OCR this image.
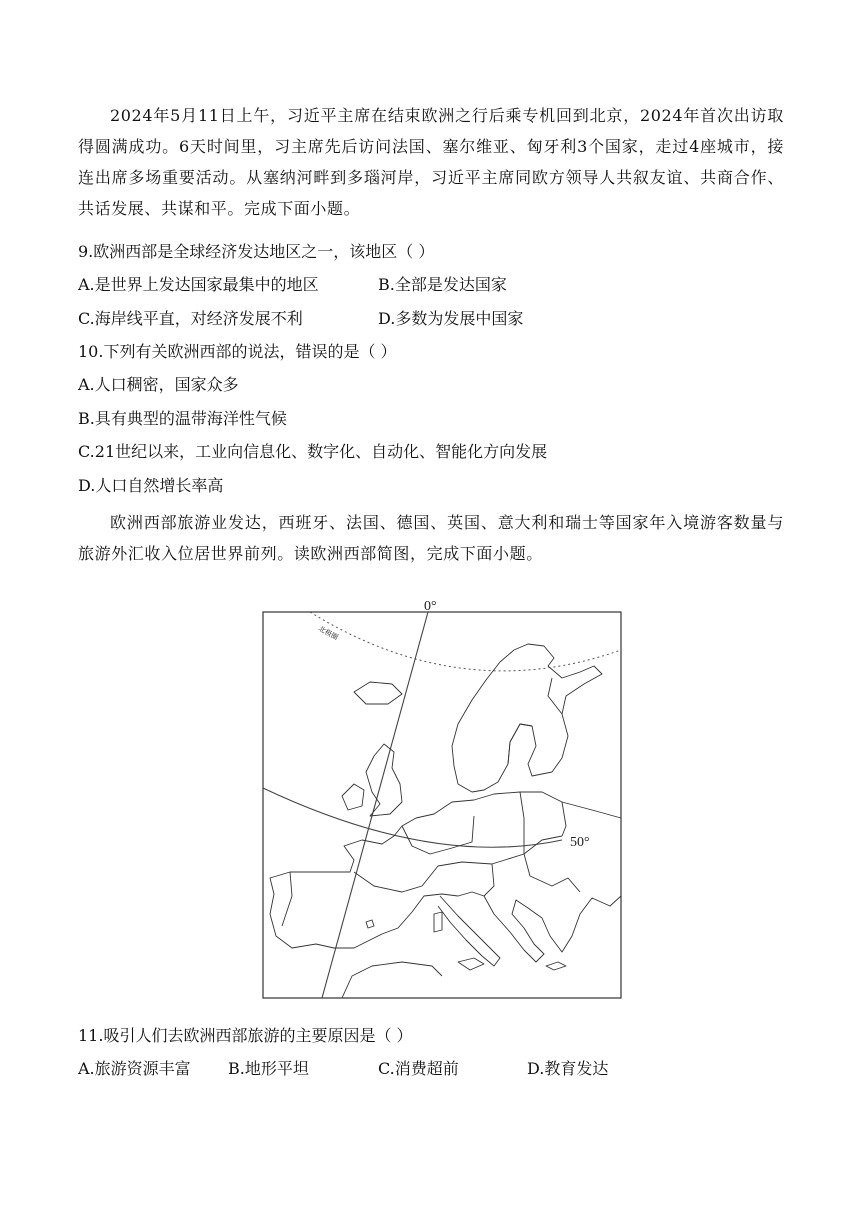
2024年5月11日上午，习近平主席在结束欧洲之行后乘专机回到北京，2024年首次出访取得圆满成功。6天时间里，习主席先后访问法国、塞尔维亚、匈牙利3个国家，走过4座城市，接连出席多场重要活动。从塞纳河畔到多瑙河岸，习近平主席同欧方领导人共叙友谊、共商合作、共话发展、共谋和平。完成下面小题。
9.欧洲西部是全球经济发达地区之一，该地区（ ）
A.是世界上发达国家最集中的地区	B.全部是发达国家
C.海岸线平直，对经济发展不利	D.多数为发展中国家
10.下列有关欧洲西部的说法，错误的是（ ）
A.人口稠密，国家众多
B.具有典型的温带海洋性气候
C.21世纪以来，工业向信息化、数字化、自动化、智能化方向发展
D.人口自然增长率高
欧洲西部旅游业发达，西班牙、法国、德国、英国、意大利和瑞士等国家年入境游客数量与旅游外汇收入位居世界前列。读欧洲西部简图，完成下面小题。
北极圈
0°
50°
11.吸引人们去欧洲西部旅游的主要原因是（ ）
A.旅游资源丰富 B.地形平坦	C.消费超前	D.教育发达
